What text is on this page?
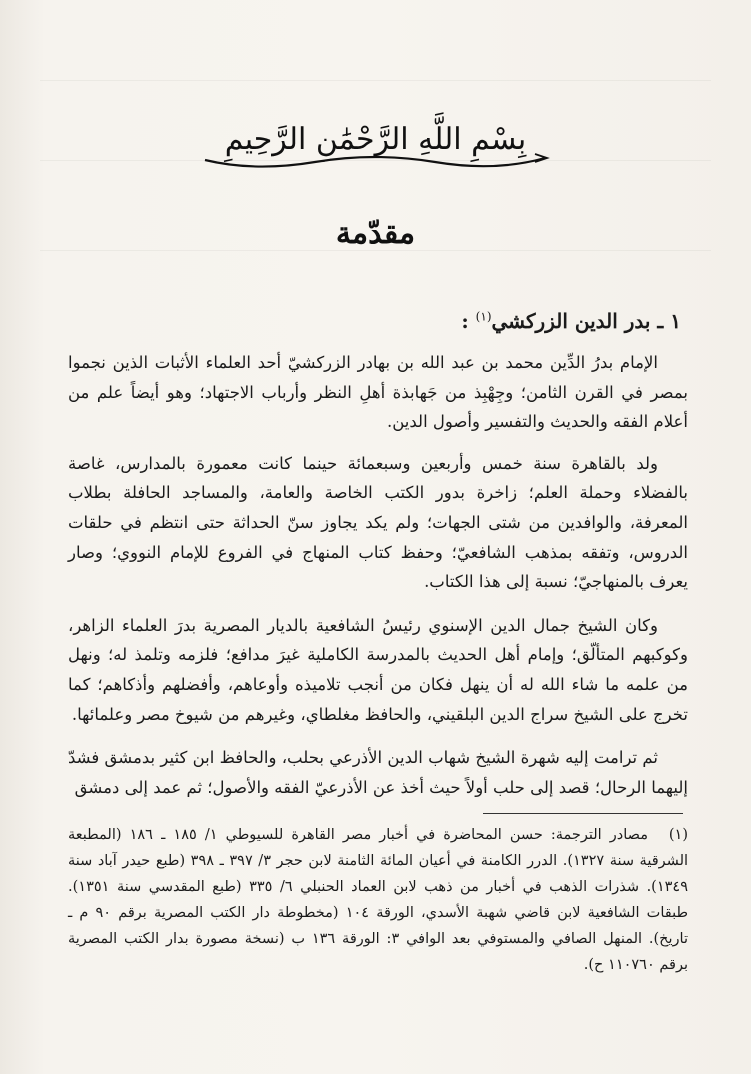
بِسْمِ اللَّهِ الرَّحْمَٰنِ الرَّحِيمِ
مقدّمة
١ ـ بدر الدين الزركشي$^{(١)}$ :

الإمام بدرُ الدِّين محمد بن عبد الله بن بهادر الزركشيّ أحد العلماء الأثبات الذين نجموا بمصر في القرن الثامن؛ وجِهْبِذ من جَهابذة أهلِ النظر وأرباب الاجتهاد؛ وهو أيضاً علم من أعلام الفقه والحديث والتفسير وأصول الدين.

ولد بالقاهرة سنة خمس وأربعين وسبعمائة حينما كانت معمورة بالمدارس، غاصة بالفضلاء وحملة العلم؛ زاخرة بدور الكتب الخاصة والعامة، والمساجد الحافلة بطلاب المعرفة، والوافدين من شتى الجهات؛ ولم يكد يجاوز سنّ الحداثة حتى انتظم في حلقات الدروس، وتفقه بمذهب الشافعيّ؛ وحفظ كتاب المنهاج في الفروع للإمام النووي؛ وصار يعرف بالمنهاجيّ؛ نسبة إلى هذا الكتاب.

وكان الشيخ جمال الدين الإسنوي رئيسُ الشافعية بالديار المصرية بدرَ العلماء الزاهر، وكوكبهم المتألّق؛ وإمام أهل الحديث بالمدرسة الكاملية غيرَ مدافع؛ فلزمه وتلمذ له؛ ونهل من علمه ما شاء الله له أن ينهل فكان من أنجب تلاميذه وأوعاهم، وأفضلهم وأذكاهم؛ كما تخرج على الشيخ سراج الدين البلقيني، والحافظ مغلطاي، وغيرهم من شيوخ مصر وعلمائها.

ثم ترامت إليه شهرة الشيخ شهاب الدين الأذرعي بحلب، والحافظ ابن كثير بدمشق فشدّ إليهما الرحال؛ قصد إلى حلب أولاً حيث أخذ عن الأذرعيّ الفقه والأصول؛ ثم عمد إلى دمشق

(١)مصادر الترجمة: حسن المحاضرة في أخبار مصر القاهرة للسيوطي ١/ ١٨٥ ـ ١٨٦ (المطبعة الشرقية سنة ١٣٢٧). الدرر الكامنة في أعيان المائة الثامنة لابن حجر ٣/ ٣٩٧ ـ ٣٩٨ (طبع حيدر آباد سنة ١٣٤٩). شذرات الذهب في أخبار من ذهب لابن العماد الحنبلي ٦/ ٣٣٥ (طبع المقدسي سنة ١٣٥١). طبقات الشافعية لابن قاضي شهبة الأسدي، الورقة ١٠٤ (مخطوطة دار الكتب المصرية برقم ٩٠ م ـ تاريخ). المنهل الصافي والمستوفي بعد الوافي ٣: الورقة ١٣٦ ب (نسخة مصورة بدار الكتب المصرية برقم ١١٠٧٦٠ ح).
